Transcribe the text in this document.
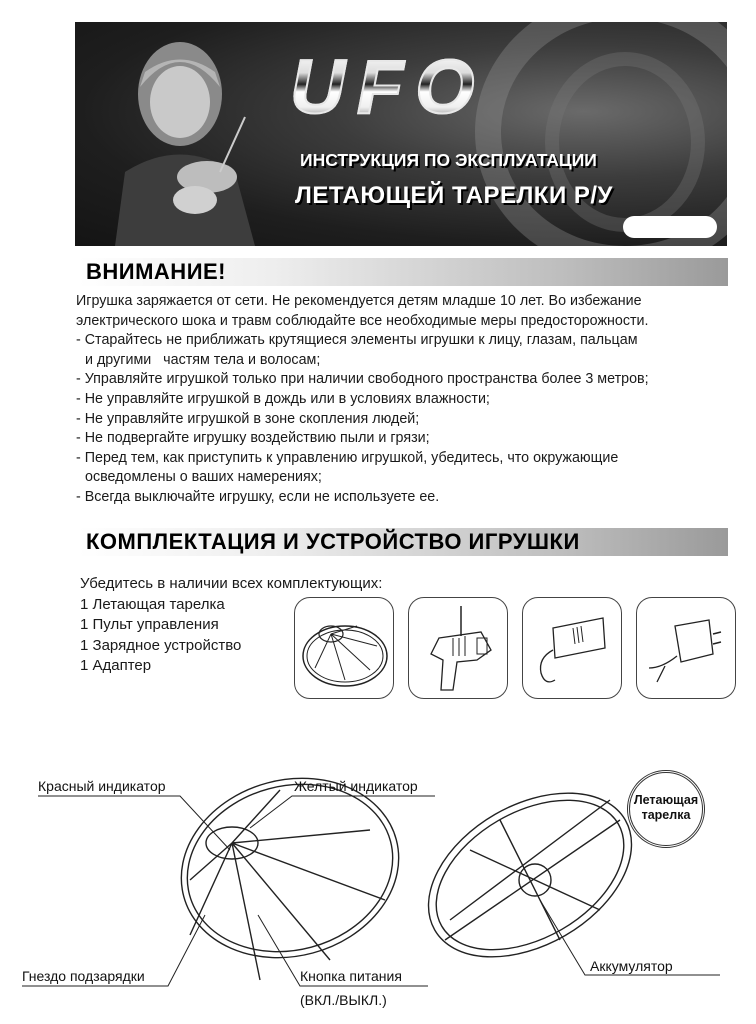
UFO
ИНСТРУКЦИЯ ПО ЭКСПЛУАТАЦИИ
ЛЕТАЮЩЕЙ ТАРЕЛКИ Р/У
ВНИМАНИЕ!

Игрушка заряжается от сети. Не рекомендуется детям младше 10 лет. Во избежание

электрического шока и травм соблюдайте все необходимые меры предосторожности.

- Старайтесь не приближать крутящиеся элементы игрушки к лицу, глазам, пальцам

и другими   частям тела и волосам;

- Управляйте игрушкой только при наличии свободного пространства более 3 метров;

- Не управляйте игрушкой в дождь или в условиях влажности;

- Не управляйте игрушкой в зоне скопления людей;

- Не подвергайте игрушку воздействию пыли и грязи;

- Перед тем, как приступить к управлению игрушкой, убедитесь, что окружающие

осведомлены о ваших намерениях;

- Всегда выключайте игрушку, если не используете ее.

КОМПЛЕКТАЦИЯ И УСТРОЙСТВО ИГРУШКИ

Убедитесь в наличии всех комплектующих:

1 Летающая тарелка

1 Пульт управления

1 Зарядное устройство

1 Адаптер

Красный индикатор	Желтый индикатор
Гнездо подзарядки	Кнопка питания
(ВКЛ./ВЫКЛ.)
Аккумулятор
Летающая
тарелка
